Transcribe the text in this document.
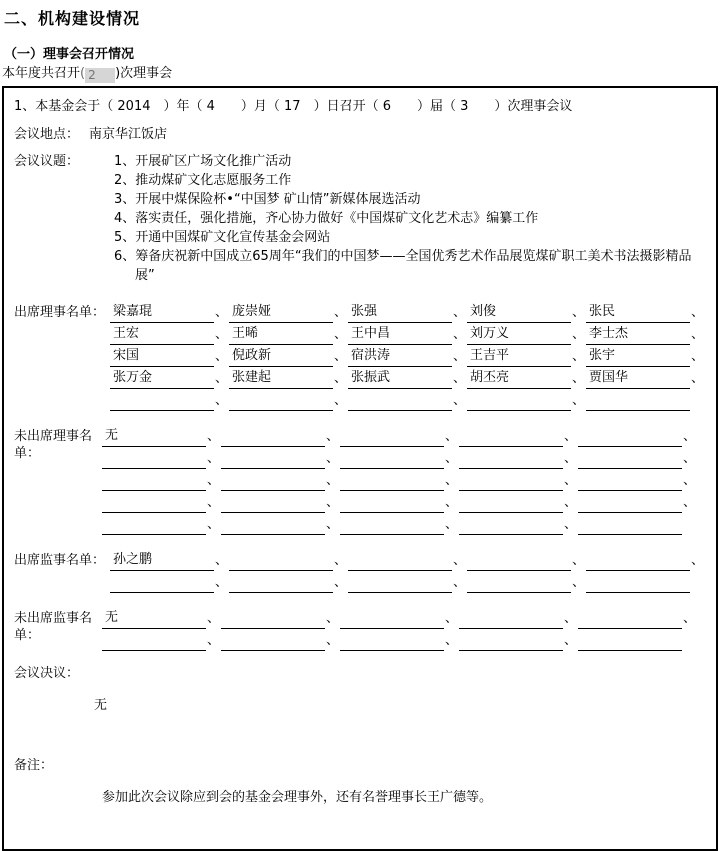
二、机构建设情况
（一）理事会召开情况
本年度共召开( 2 )次理事会
1、本基金会于（ 2014　）年（ 4　　）月（ 17　）日召开（ 6　　）届（ 3　　）次理事会议
会议地点： 南京华江饭店
会议议题：	1、开展矿区广场文化推广活动
2、推动煤矿文化志愿服务工作
3、开展中煤保险杯•“中国梦 矿山情”新媒体展选活动
4、落实责任，强化措施，齐心协力做好《中国煤矿文化艺术志》编纂工作
5、开通中国煤矿文化宣传基金会网站
6、筹备庆祝新中国成立65周年“我们的中国梦——全国优秀艺术作品展览煤矿职工美术书法摄影精品展”
出席理事名单： 梁嘉琨	、 庞崇娅	、 张强	、 刘俊	、 张民	、
王宏	、 王晞	、 王中昌	、 刘万义	、 李士杰	、
宋国	、 倪政新	、 宿洪涛	、 王吉平	、 张宇	、
张万金	、 张建起	、 张振武	、 胡丕亮	、 贾国华	、
、	、	、	、
未出席理事名单：
无	、	、	、	、	、
、	、	、	、	、
、	、	、	、	、
、	、	、	、	、
、	、	、	、
出席监事名单： 孙之鹏	、	、	、	、	、
、	、	、	、
未出席监事名单：
无	、	、	、	、	、
、	、	、	、
会议决议：
无
备注：
参加此次会议除应到会的基金会理事外，还有名誉理事长王广德等。
